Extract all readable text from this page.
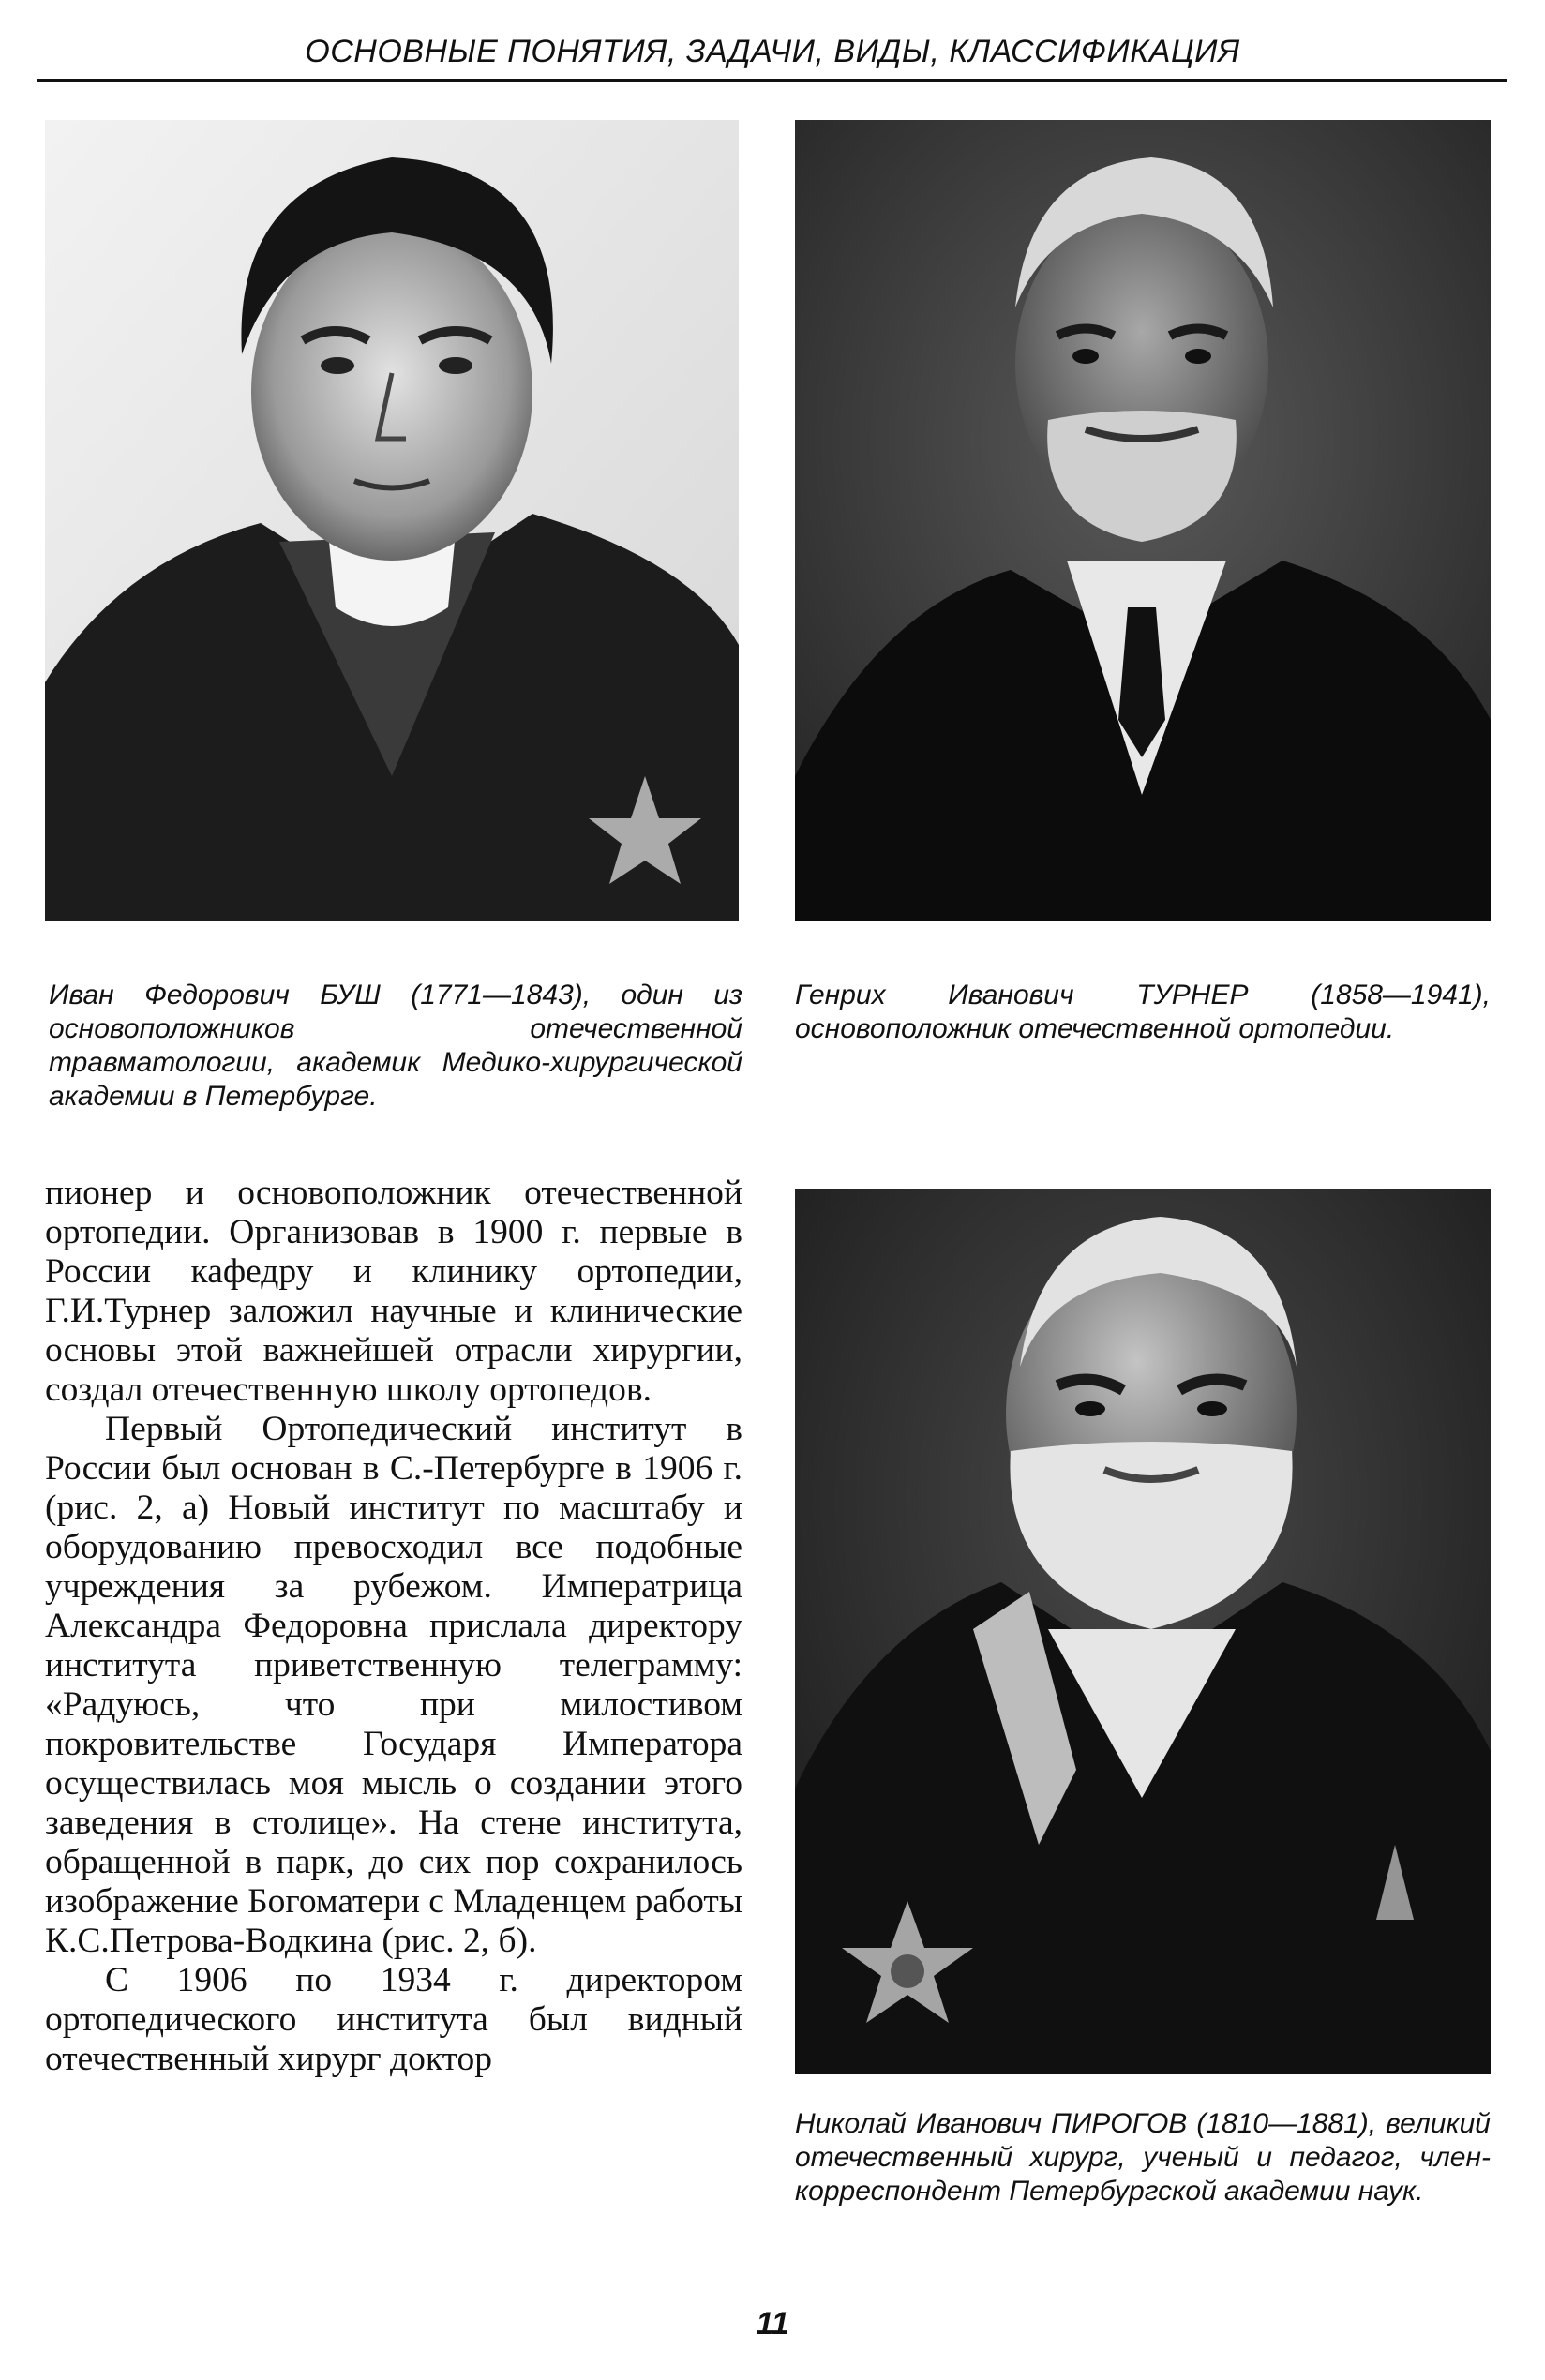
ОСНОВНЫЕ ПОНЯТИЯ, ЗАДАЧИ, ВИДЫ, КЛАССИФИКАЦИЯ
Иван Федорович БУШ (1771—1843), один из основоположников отечественной травматологии, академик Медико-хирургической академии в Петербурге.
Генрих Иванович ТУРНЕР (1858—1941), основоположник отечественной ортопедии.

пионер и основоположник отечественной ортопедии. Организовав в 1900 г. первые в России кафедру и клинику ортопедии, Г.И.Турнер заложил научные и клинические основы этой важнейшей отрасли хирургии, создал отечественную школу ортопедов.

Первый Ортопедический институт в России был основан в С.-Петербурге в 1906 г. (рис. 2, а) Новый институт по масштабу и оборудованию превосходил все подобные учреждения за рубежом. Императрица Александра Федоровна прислала директору института приветственную телеграмму: «Радуюсь, что при милостивом покровительстве Государя Императора осуществилась моя мысль о создании этого заведения в столице». На стене института, обращенной в парк, до сих пор сохранилось изображение Богоматери с Младенцем работы К.С.Петрова-Водкина (рис. 2, б).

С 1906 по 1934 г. директором ортопедического института был видный отечественный хирург доктор

Николай Иванович ПИРОГОВ (1810—1881), великий отечественный хирург, ученый и педагог, член-корреспондент Петербургской академии наук.
11
